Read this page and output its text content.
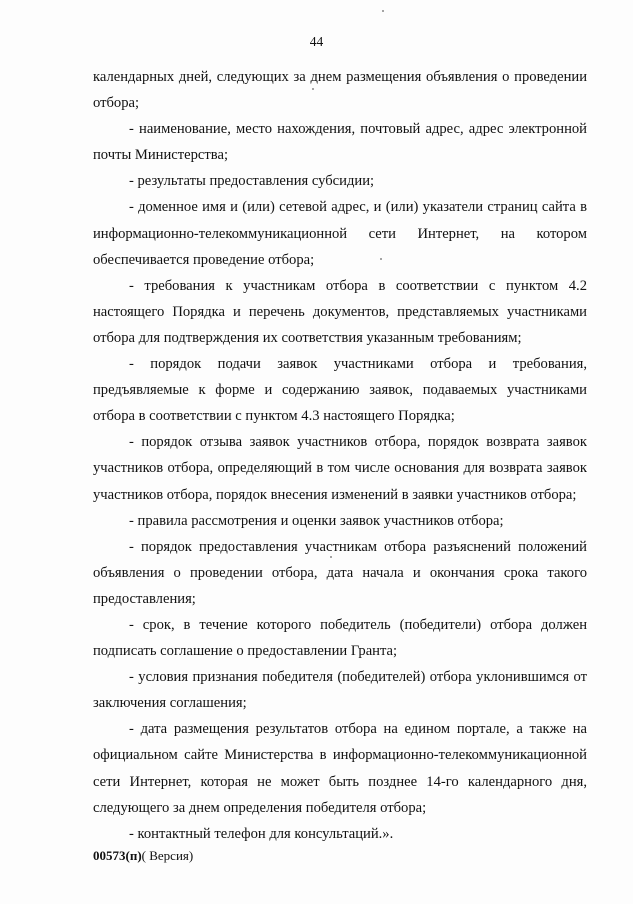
44

календарных дней, следующих за днем размещения объявления о проведении отбора;

- наименование, место нахождения, почтовый адрес, адрес электронной почты Министерства;

- результаты предоставления субсидии;

- доменное имя и (или) сетевой адрес, и (или) указатели страниц сайта в информационно-телекоммуникационной сети Интернет, на котором обеспечивается проведение отбора;

- требования к участникам отбора в соответствии с пунктом 4.2 настоящего Порядка и перечень документов, представляемых участниками отбора для подтверждения их соответствия указанным требованиям;

- порядок подачи заявок участниками отбора и требования, предъявляемые к форме и содержанию заявок, подаваемых участниками отбора в соответствии с пунктом 4.3 настоящего Порядка;

- порядок отзыва заявок участников отбора, порядок возврата заявок участников отбора, определяющий в том числе основания для возврата заявок участников отбора, порядок внесения изменений в заявки участников отбора;

- правила рассмотрения и оценки заявок участников отбора;

- порядок предоставления участникам отбора разъяснений положений объявления о проведении отбора, дата начала и окончания срока такого предоставления;

- срок, в течение которого победитель (победители) отбора должен подписать соглашение о предоставлении Гранта;

- условия признания победителя (победителей) отбора уклонившимся от заключения соглашения;

- дата размещения результатов отбора на едином портале, а также на официальном сайте Министерства в информационно-телекоммуникационной сети Интернет, которая не может быть позднее 14-го календарного дня, следующего за днем определения победителя отбора;

- контактный телефон для консультаций.».

00573(п)( Версия)
